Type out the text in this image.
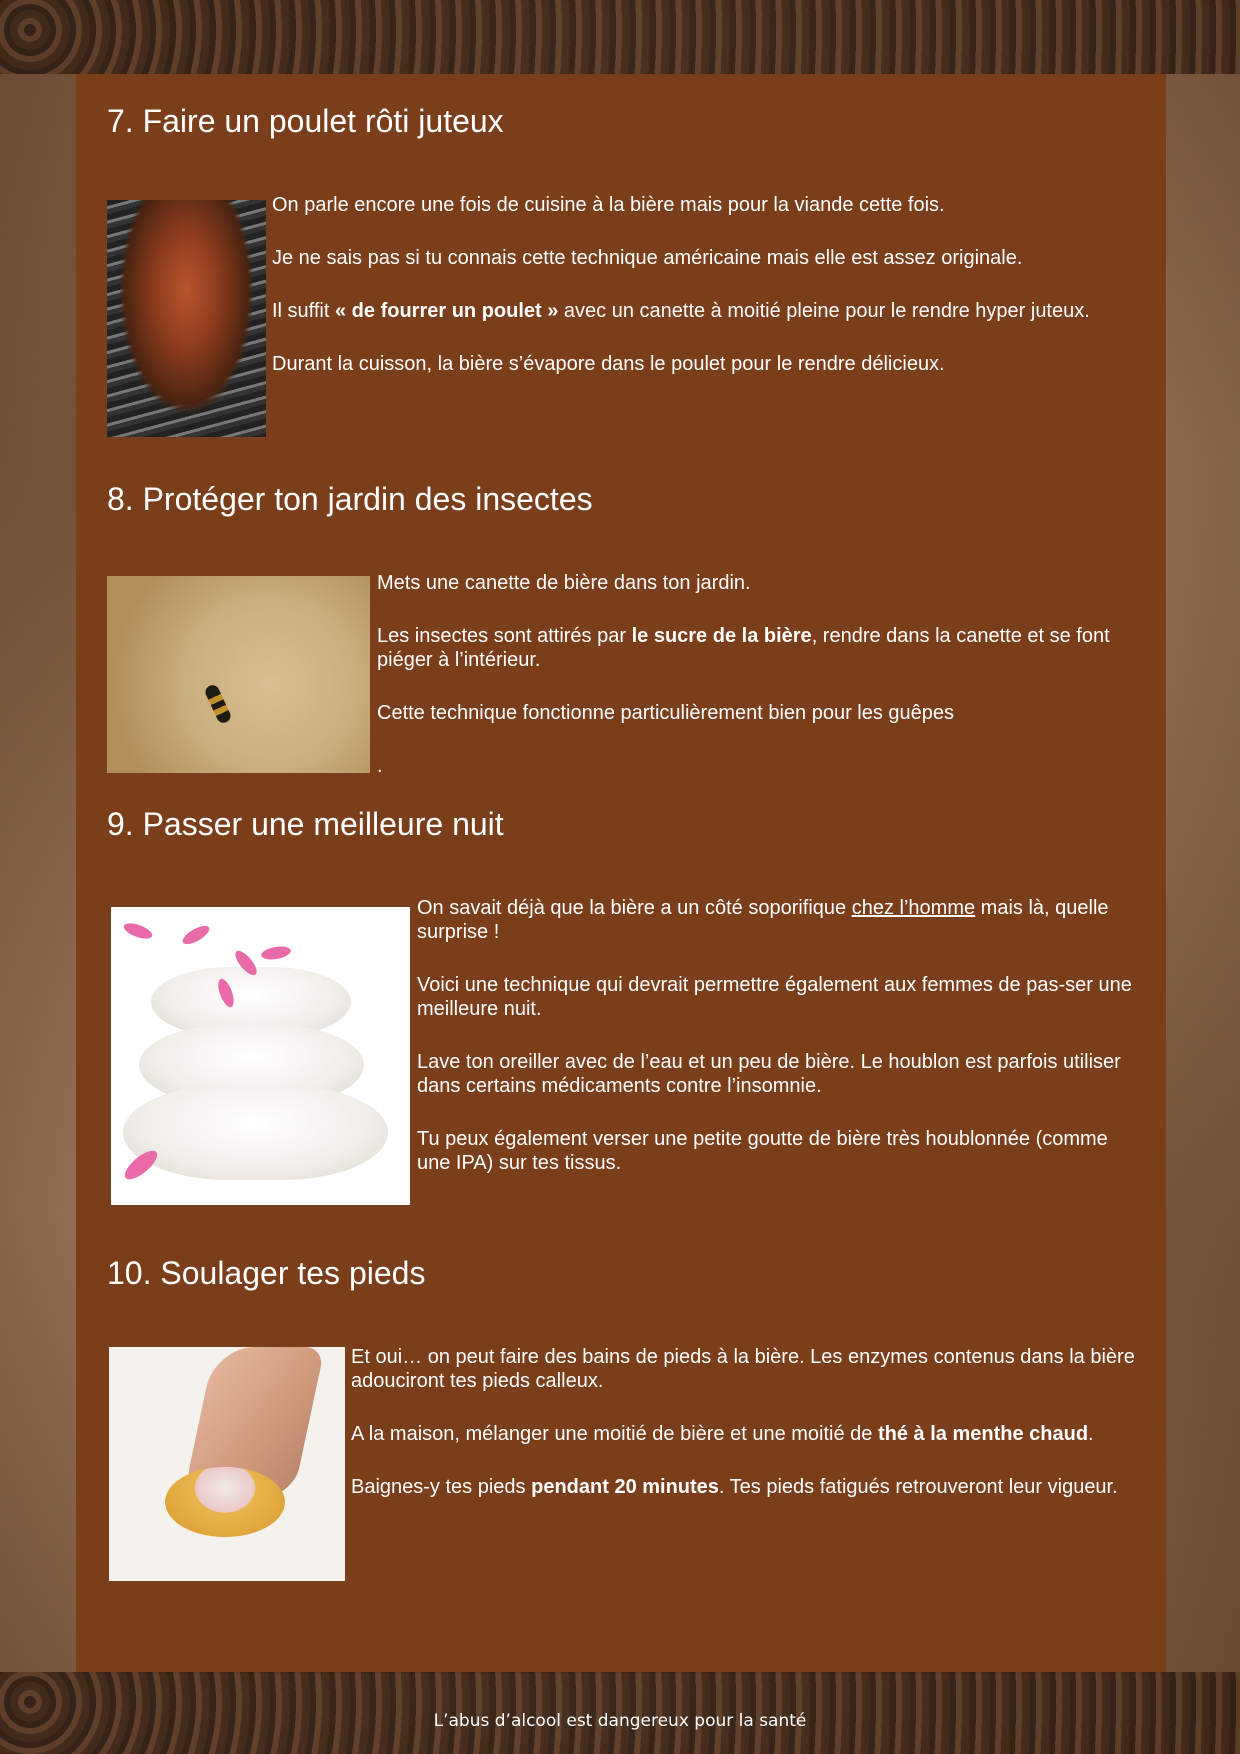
7. Faire un poulet rôti juteux

On parle encore une fois de cuisine à la bière mais pour la viande cette fois.

Je ne sais pas si tu connais cette technique américaine mais elle est assez originale.

Il suffit « de fourrer un poulet » avec un canette à moitié pleine pour le rendre hyper juteux.

Durant la cuisson, la bière s’évapore dans le poulet pour le rendre délicieux.

8. Protéger ton jardin des insectes

Mets une canette de bière dans ton jardin.

Les insectes sont attirés par le sucre de la bière, rendre dans la canette et se font piéger à l’intérieur.

Cette technique fonctionne particulièrement bien pour les guêpes

.

9. Passer une meilleure nuit

On savait déjà que la bière a un côté soporifique chez l’homme mais là, quelle surprise !

Voici une technique qui devrait permettre également aux femmes de pas-ser une meilleure nuit.

Lave ton oreiller avec de l’eau et un peu de bière. Le houblon est parfois utiliser dans certains médicaments contre l’insomnie.

Tu peux également verser une petite goutte de bière très houblonnée (comme une IPA) sur tes tissus.

10. Soulager tes pieds

Et oui… on peut faire des bains de pieds à la bière. Les enzymes contenus dans la bière adouciront tes pieds calleux.

A la maison, mélanger une moitié de bière et une moitié de thé à la menthe chaud.

Baignes-y tes pieds pendant 20 minutes. Tes pieds fatigués retrouveront leur vigueur.

L’abus d’alcool est dangereux pour la santé
